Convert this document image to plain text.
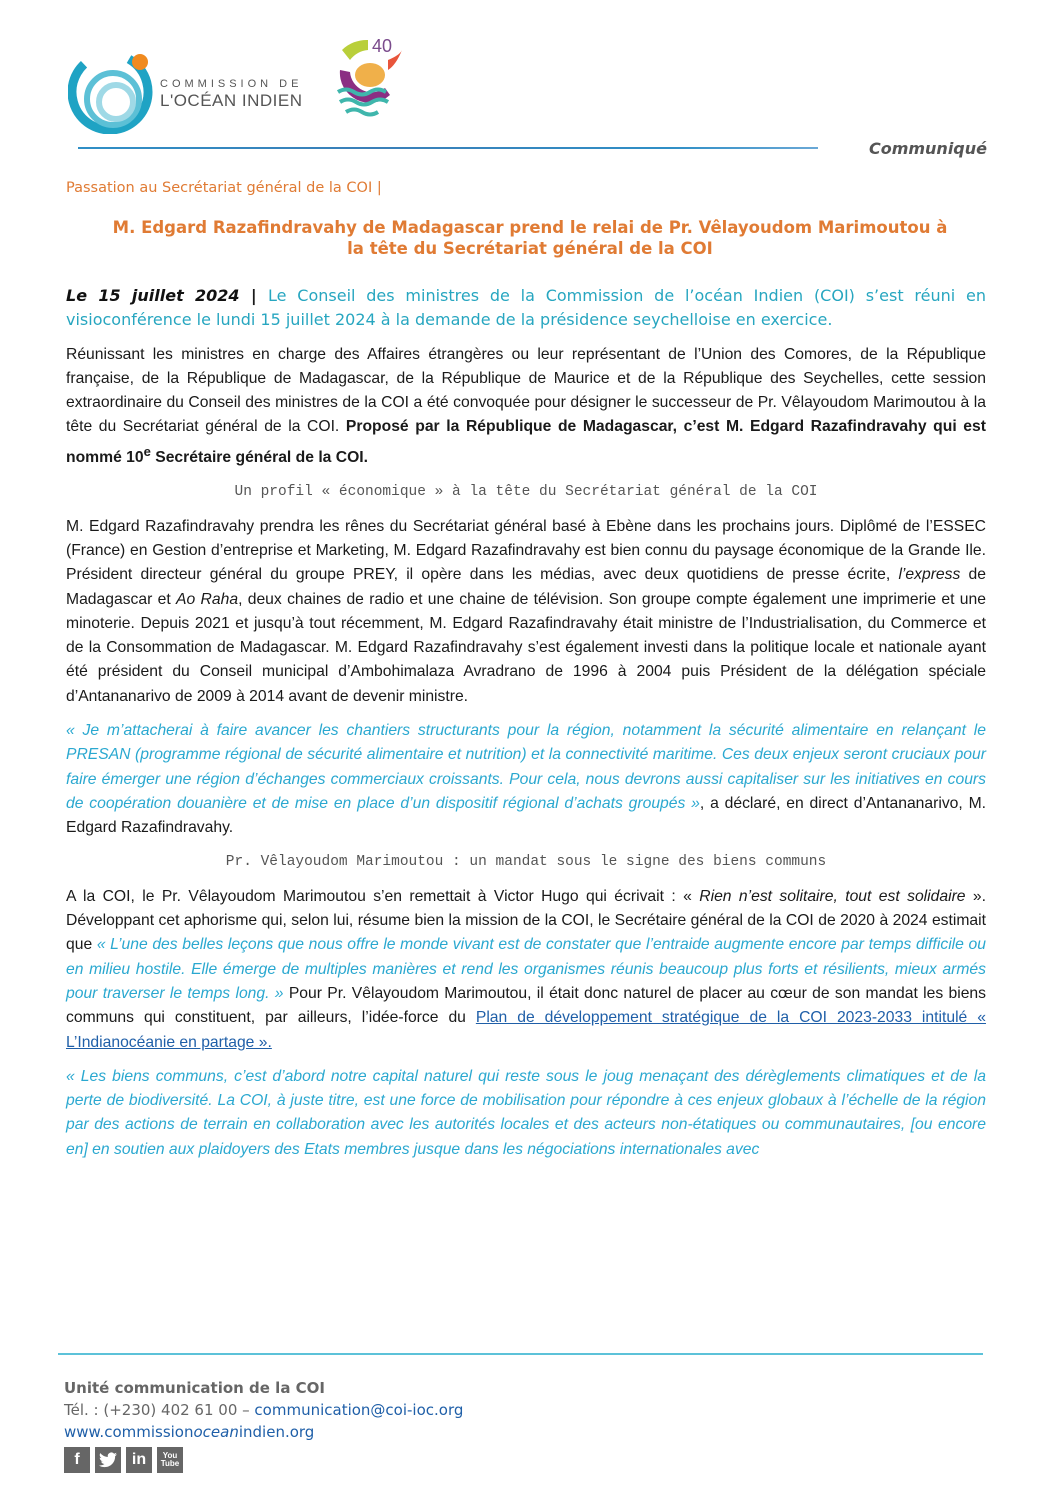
COMMISSION DE
L'OCÉAN INDIEN
40
Communiqué
Passation au Secrétariat général de la COI |
M. Edgard Razafindravahy de Madagascar prend le relai de Pr. Vêlayoudom Marimoutou à
la tête du Secrétariat général de la COI

Le 15 juillet 2024 | Le Conseil des ministres de la Commission de l’océan Indien (COI) s’est réuni en visioconférence le lundi 15 juillet 2024 à la demande de la présidence seychelloise en exercice.

Réunissant les ministres en charge des Affaires étrangères ou leur représentant de l’Union des Comores, de la République française, de la République de Madagascar, de la République de Maurice et de la République des Seychelles, cette session extraordinaire du Conseil des ministres de la COI a été convoquée pour désigner le successeur de Pr. Vêlayoudom Marimoutou à la tête du Secrétariat général de la COI. Proposé par la République de Madagascar, c’est M. Edgard Razafindravahy qui est nommé 10e Secrétaire général de la COI.

Un profil « économique » à la tête du Secrétariat général de la COI

M. Edgard Razafindravahy prendra les rênes du Secrétariat général basé à Ebène dans les prochains jours. Diplômé de l’ESSEC (France) en Gestion d’entreprise et Marketing, M. Edgard Razafindravahy est bien connu du paysage économique de la Grande Ile. Président directeur général du groupe PREY, il opère dans les médias, avec deux quotidiens de presse écrite, l’express de Madagascar et Ao Raha, deux chaines de radio et une chaine de télévision. Son groupe compte également une imprimerie et une minoterie. Depuis 2021 et jusqu’à tout récemment, M. Edgard Razafindravahy était ministre de l’Industrialisation, du Commerce et de la Consommation de Madagascar. M. Edgard Razafindravahy s’est également investi dans la politique locale et nationale ayant été président du Conseil municipal d’Ambohimalaza Avradrano de 1996 à 2004 puis Président de la délégation spéciale d’Antananarivo de 2009 à 2014 avant de devenir ministre.

« Je m’attacherai à faire avancer les chantiers structurants pour la région, notamment la sécurité alimentaire en relançant le PRESAN (programme régional de sécurité alimentaire et nutrition) et la connectivité maritime. Ces deux enjeux seront cruciaux pour faire émerger une région d’échanges commerciaux croissants. Pour cela, nous devrons aussi capitaliser sur les initiatives en cours de coopération douanière et de mise en place d’un dispositif régional d’achats groupés », a déclaré, en direct d’Antananarivo, M. Edgard Razafindravahy.

Pr. Vêlayoudom Marimoutou : un mandat sous le signe des biens communs

A la COI, le Pr. Vêlayoudom Marimoutou s’en remettait à Victor Hugo qui écrivait : « Rien n’est solitaire, tout est solidaire ». Développant cet aphorisme qui, selon lui, résume bien la mission de la COI, le Secrétaire général de la COI de 2020 à 2024 estimait que « L’une des belles leçons que nous offre le monde vivant est de constater que l’entraide augmente encore par temps difficile ou en milieu hostile. Elle émerge de multiples manières et rend les organismes réunis beaucoup plus forts et résilients, mieux armés pour traverser le temps long. » Pour Pr. Vêlayoudom Marimoutou, il était donc naturel de placer au cœur de son mandat les biens communs qui constituent, par ailleurs, l’idée-force du Plan de développement stratégique de la COI 2023-2033 intitulé « L’Indianocéanie en partage ».

« Les biens communs, c’est d’abord notre capital naturel qui reste sous le joug menaçant des dérèglements climatiques et de la perte de biodiversité. La COI, à juste titre, est une force de mobilisation pour répondre à ces enjeux globaux à l’échelle de la région par des actions de terrain en collaboration avec les autorités locales et des acteurs non-étatiques ou communautaires, [ou encore en] en soutien aux plaidoyers des Etats membres jusque dans les négociations internationales avec

Unité communication de la COI
Tél. : (+230) 402 61 00 – communication@coi-ioc.org
www.commissionoceanindien.org
f	in	You Tube
